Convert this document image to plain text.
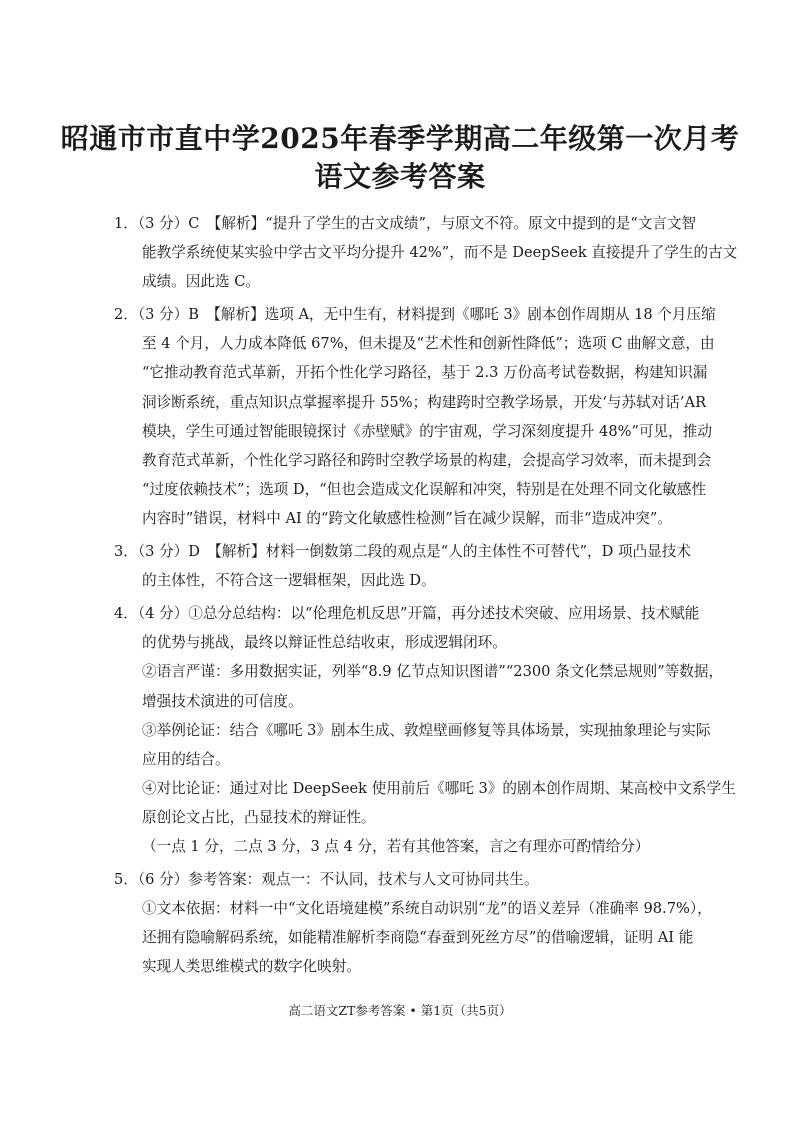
昭通市市直中学2025年春季学期高二年级第一次月考
语文参考答案
1．（3 分）C　【解析】“提升了学生的古文成绩”，与原文不符。原文中提到的是“文言文智
能教学系统使某实验中学古文平均分提升 42%”，而不是 DeepSeek 直接提升了学生的古文
成绩。因此选 C。
2．（3 分）B　【解析】选项 A，无中生有，材料提到《哪吒 3》剧本创作周期从 18 个月压缩
至 4 个月，人力成本降低 67%，但未提及“艺术性和创新性降低”；选项 C 曲解文意，由
“它推动教育范式革新，开拓个性化学习路径，基于 2.3 万份高考试卷数据，构建知识漏
洞诊断系统，重点知识点掌握率提升 55%；构建跨时空教学场景，开发‘与苏轼对话’AR
模块，学生可通过智能眼镜探讨《赤壁赋》的宇宙观，学习深刻度提升 48%”可见，推动
教育范式革新，个性化学习路径和跨时空教学场景的构建，会提高学习效率，而未提到会
“过度依赖技术”；选项 D，“但也会造成文化误解和冲突，特别是在处理不同文化敏感性
内容时”错误，材料中 AI 的“跨文化敏感性检测”旨在减少误解，而非“造成冲突”。
3．（3 分）D　【解析】材料一倒数第二段的观点是“人的主体性不可替代”，D 项凸显技术
的主体性，不符合这一逻辑框架，因此选 D。
4．（4 分）①总分总结构：以“伦理危机反思”开篇，再分述技术突破、应用场景、技术赋能
的优势与挑战，最终以辩证性总结收束，形成逻辑闭环。
②语言严谨：多用数据实证，列举“8.9 亿节点知识图谱”“2300 条文化禁忌规则”等数据，
增强技术演进的可信度。
③举例论证：结合《哪吒 3》剧本生成、敦煌壁画修复等具体场景，实现抽象理论与实际
应用的结合。
④对比论证：通过对比 DeepSeek 使用前后《哪吒 3》的剧本创作周期、某高校中文系学生
原创论文占比，凸显技术的辩证性。
（一点 1 分，二点 3 分，3 点 4 分，若有其他答案，言之有理亦可酌情给分）
5．（6 分）参考答案：观点一：不认同，技术与人文可协同共生。
①文本依据：材料一中“文化语境建模”系统自动识别“龙”的语义差异（准确率 98.7%），
还拥有隐喻解码系统，如能精准解析李商隐“春蚕到死丝方尽”的借喻逻辑，证明 AI 能
实现人类思维模式的数字化映射。
高二语文ZT参考答案 • 第1页（共5页）
